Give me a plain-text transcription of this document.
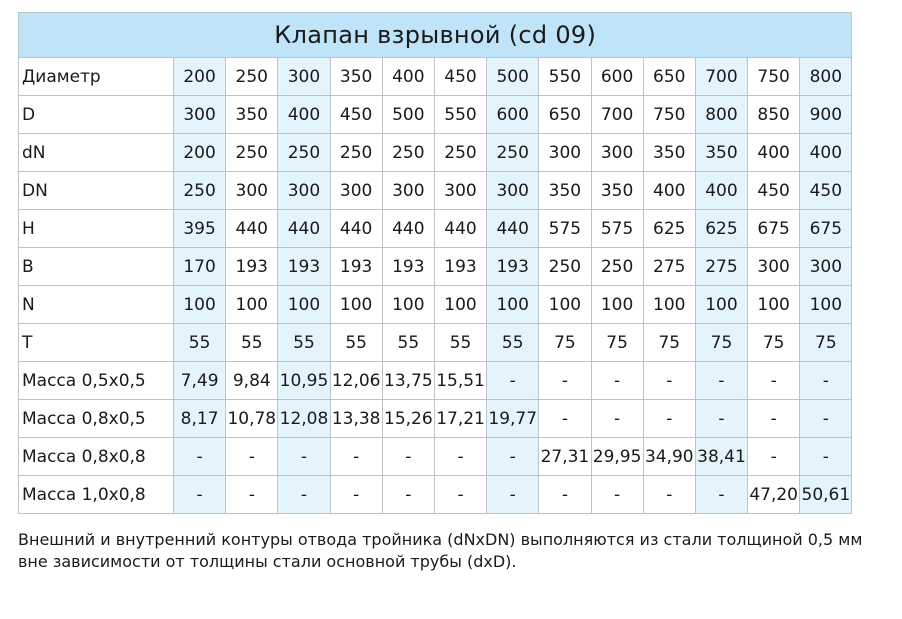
Клапан взрывной (cd 09)													
Диаметр	200	250	300	350	400	450	500	550	600	650	700	750	800
D	300	350	400	450	500	550	600	650	700	750	800	850	900
dN	200	250	250	250	250	250	250	300	300	350	350	400	400
DN	250	300	300	300	300	300	300	350	350	400	400	450	450
H	395	440	440	440	440	440	440	575	575	625	625	675	675
B	170	193	193	193	193	193	193	250	250	275	275	300	300
N	100	100	100	100	100	100	100	100	100	100	100	100	100
T	55	55	55	55	55	55	55	75	75	75	75	75	75
Масса 0,5х0,5	7,49	9,84	10,95	12,06	13,75	15,51	-	-	-	-	-	-	-
Масса 0,8х0,5	8,17	10,78	12,08	13,38	15,26	17,21	19,77	-	-	-	-	-	-
Масса 0,8х0,8	-	-	-	-	-	-	-	27,31	29,95	34,90	38,41	-	-
Масса 1,0х0,8	-	-	-	-	-	-	-	-	-	-	-	47,20	50,61
Внешний и внутренний контуры отвода тройника (dNxDN) выполняются из стали толщиной 0,5 мм вне зависимости от толщины стали основной трубы (dxD).
